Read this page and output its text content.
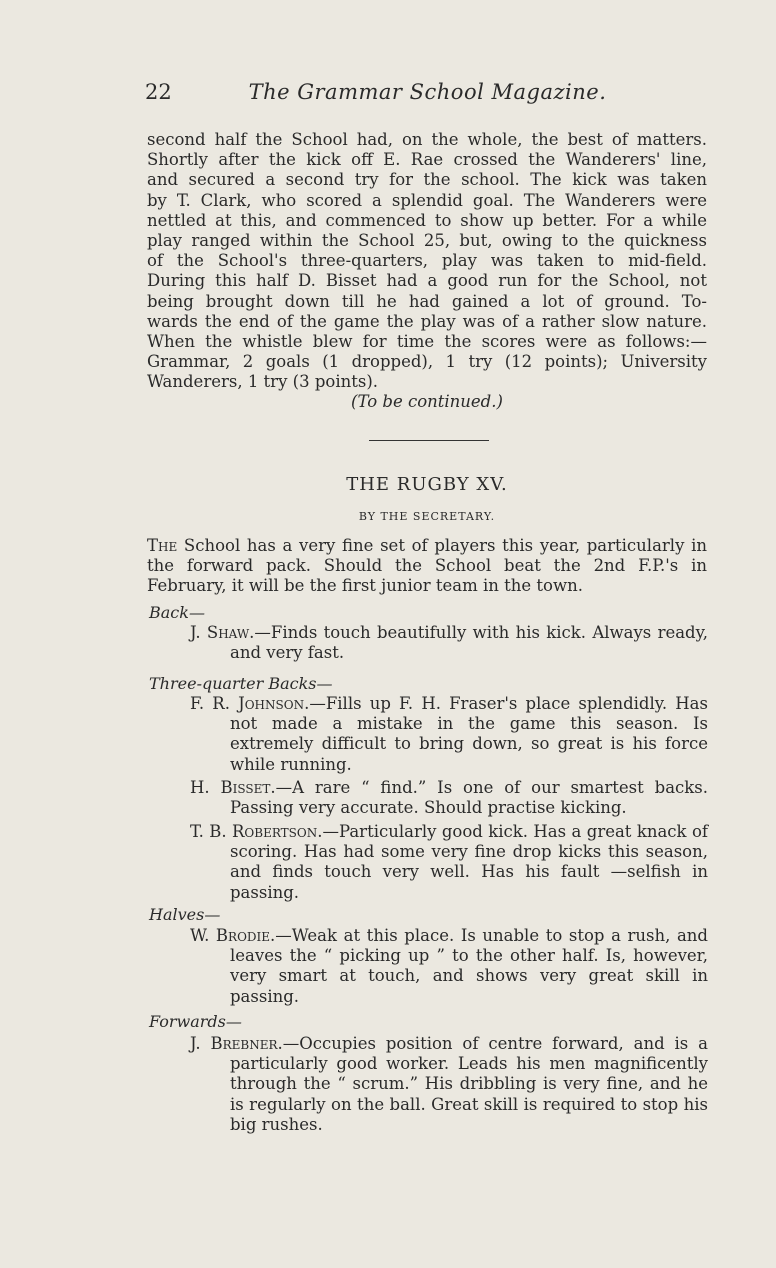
22	The Grammar School Magazine.

second half the School had, on the whole, the best of matters.

Shortly after the kick off E. Rae crossed the Wanderers' line,

and secured a second try for the school. The kick was taken

by T. Clark, who scored a splendid goal. The Wanderers were

nettled at this, and commenced to show up better. For a while

play ranged within the School 25, but, owing to the quickness

of the School's three-quarters, play was taken to mid-field.

During this half D. Bisset had a good run for the School, not

being brought down till he had gained a lot of ground. To-

wards the end of the game the play was of a rather slow nature.

When the whistle blew for time the scores were as follows:—

Grammar, 2 goals (1 dropped), 1 try (12 points); University

Wanderers, 1 try (3 points).

(To be continued.)
THE RUGBY XV.
BY THE SECRETARY.

The School has a very fine set of players this year, particularly in the forward pack. Should the School beat the 2nd F.P.'s in February, it will be the first junior team in the town.

Back—
J. Shaw.—Finds touch beautifully with his kick. Always ready, and very fast.
Three-quarter Backs—
F. R. Johnson.—Fills up F. H. Fraser's place splendidly. Has not made a mistake in the game this season. Is extremely difficult to bring down, so great is his force while running.
H. Bisset.—A rare “ find.” Is one of our smartest backs. Passing very accurate. Should practise kicking.
T. B. Robertson.—Particularly good kick. Has a great knack of scoring. Has had some very fine drop kicks this season, and finds touch very well. Has his fault —selfish in passing.
Halves—
W. Brodie.—Weak at this place. Is unable to stop a rush, and leaves the “ picking up ” to the other half. Is, however, very smart at touch, and shows very great skill in passing.
Forwards—
J. Brebner.—Occupies position of centre forward, and is a particularly good worker. Leads his men magnificently through the “ scrum.” His dribbling is very fine, and he is regularly on the ball. Great skill is required to stop his big rushes.
